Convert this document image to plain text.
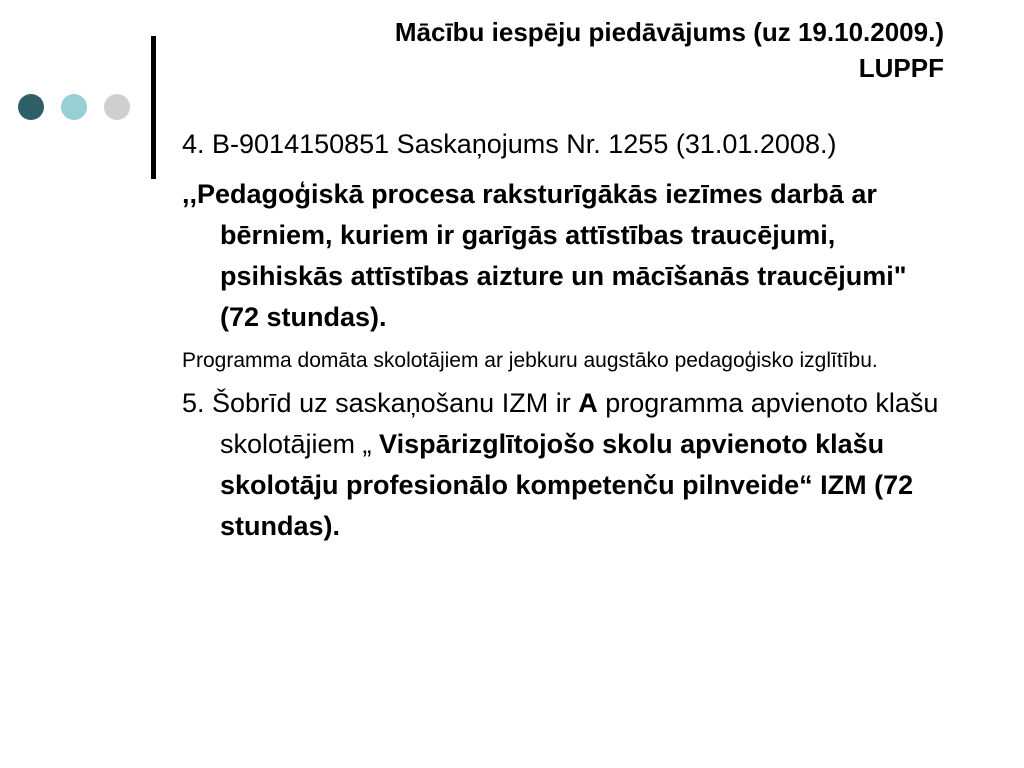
Mācību iespēju piedāvājums (uz 19.10.2009.)
LUPPF

4. B-9014150851 Saskaņojums Nr. 1255 (31.01.2008.)

,,Pedagoģiskā procesa raksturīgākās iezīmes darbā ar bērniem, kuriem ir garīgās attīstības traucējumi, psihiskās attīstības aizture un mācīšanās traucējumi" (72 stundas).

Programma domāta skolotājiem ar jebkuru augstāko pedagoģisko izglītību.

5. Šobrīd uz saskaņošanu IZM ir A programma apvienoto klašu skolotājiem „ Vispārizglītojošo skolu apvienoto klašu skolotāju profesionālo kompetenču pilnveide“ IZM (72 stundas).
